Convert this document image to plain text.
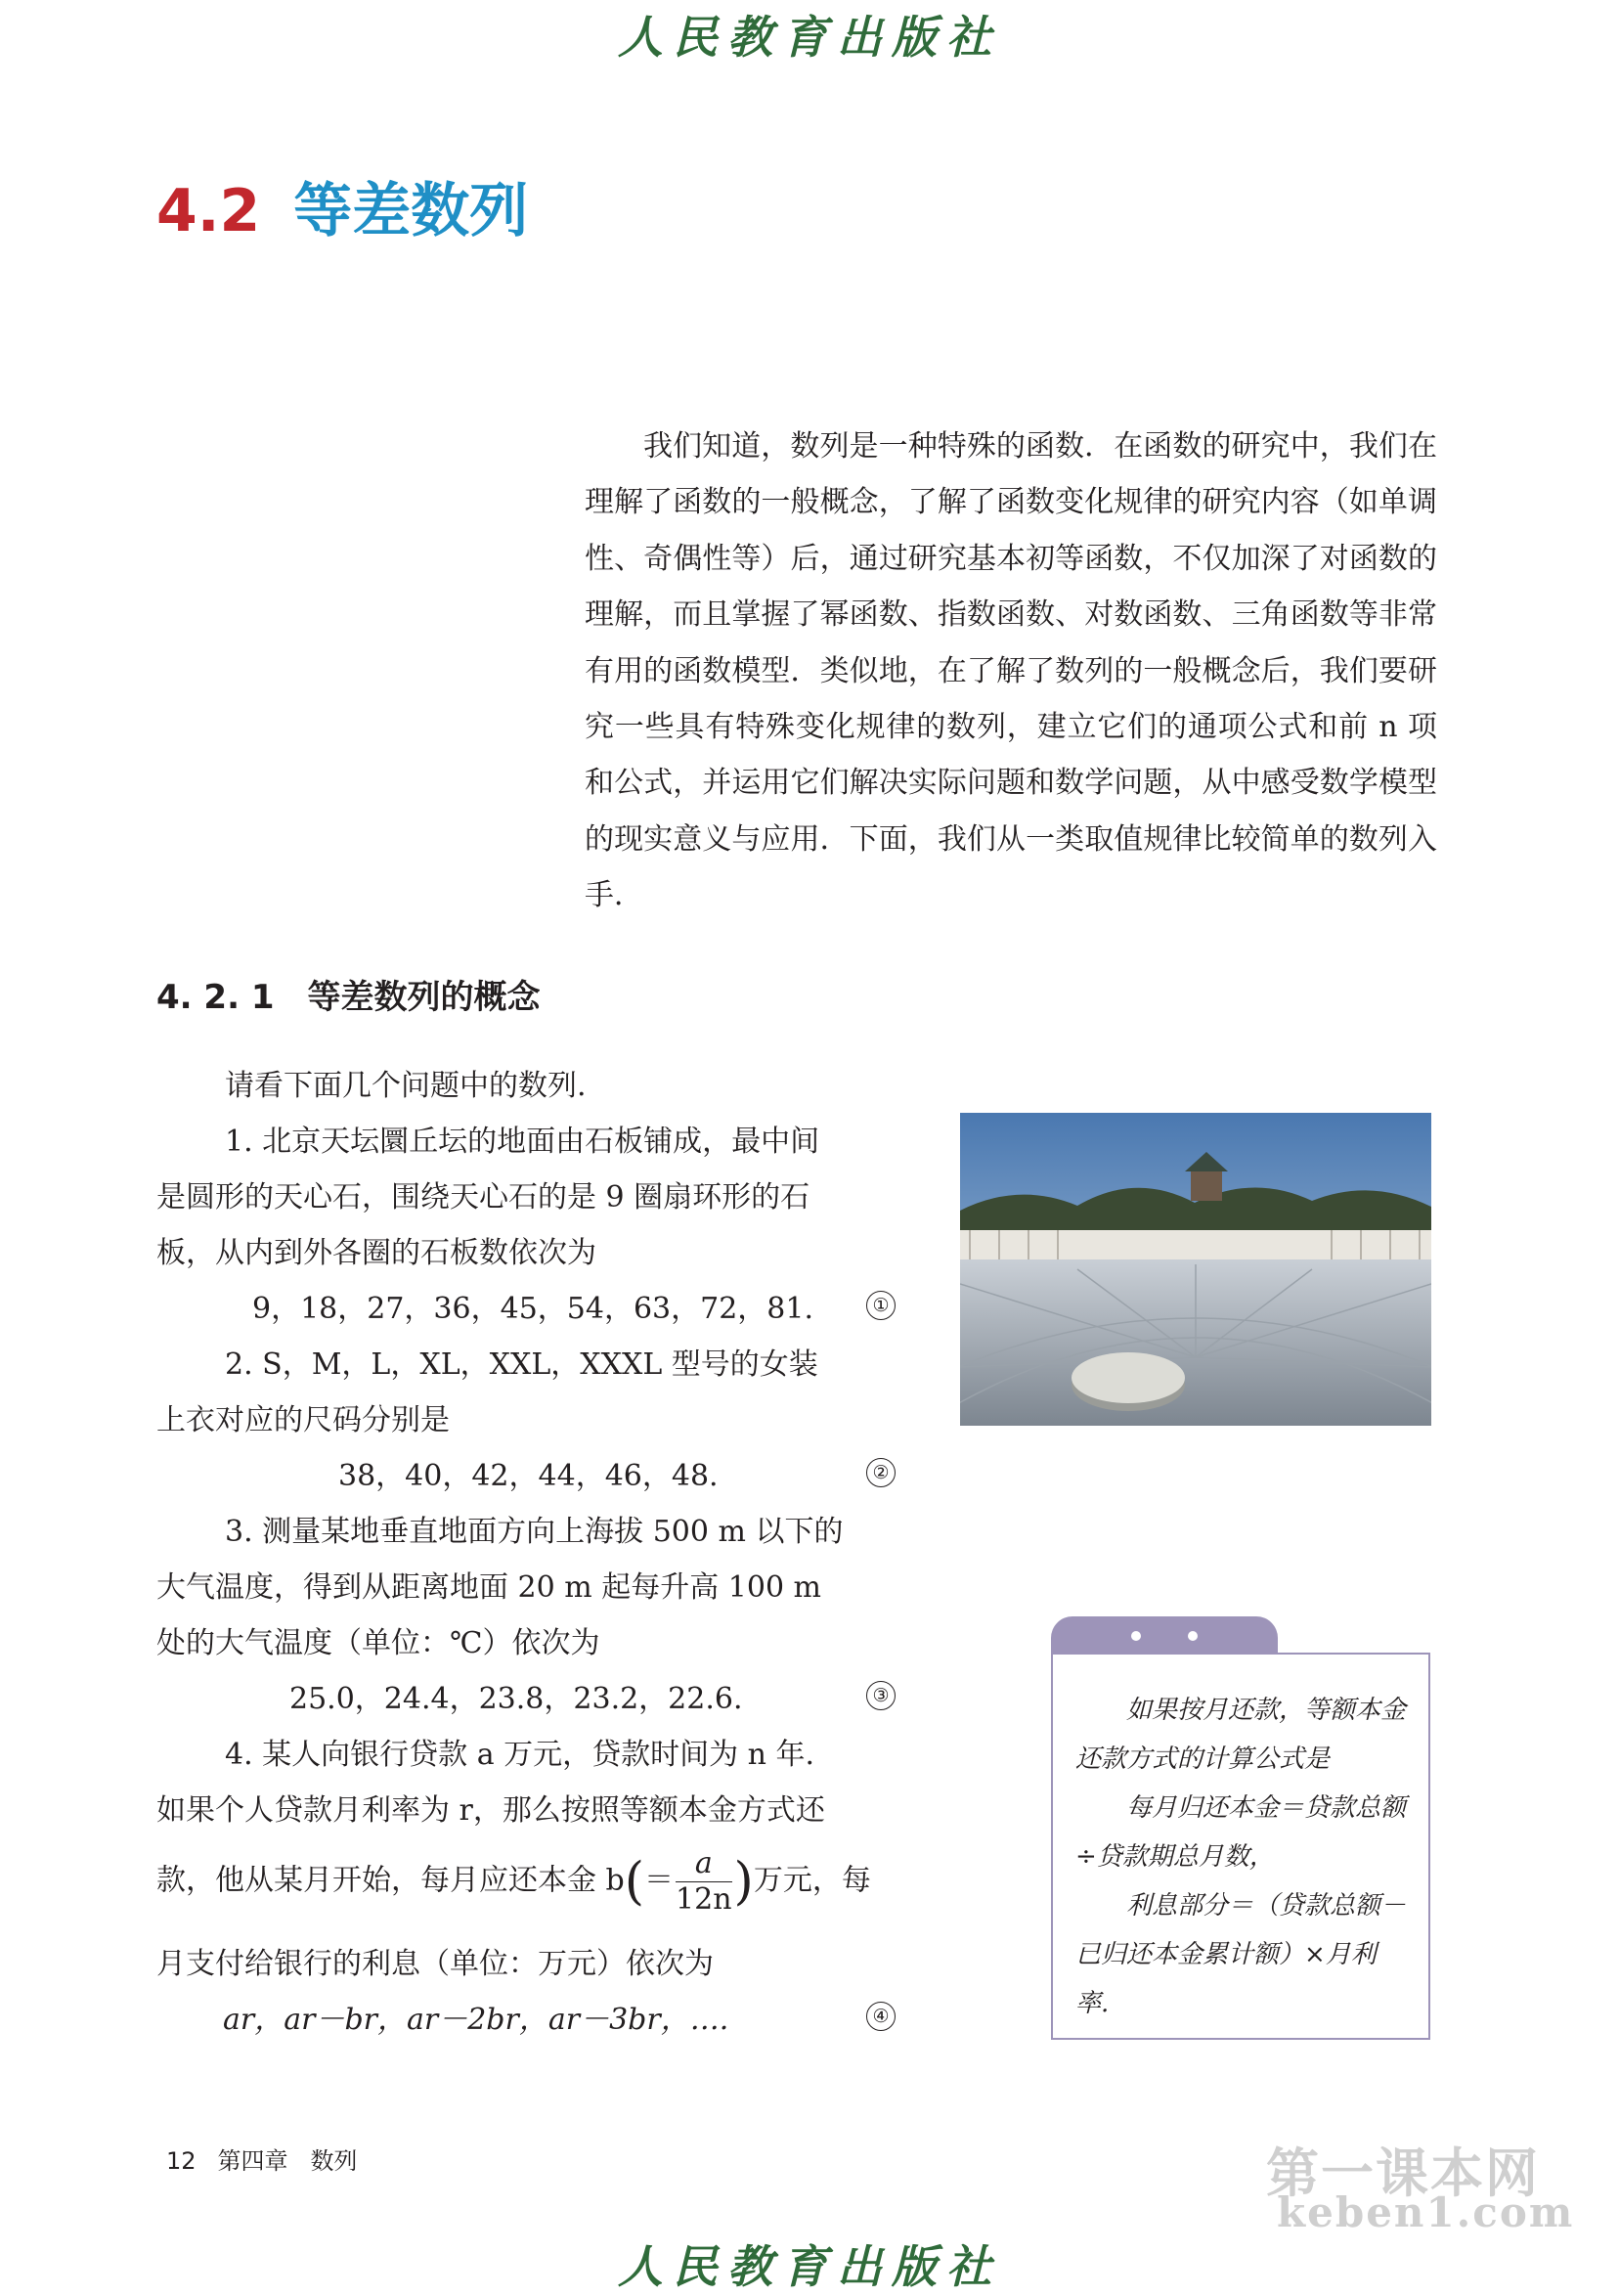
人民教育出版社
4.2 等差数列

我们知道，数列是一种特殊的函数．在函数的研究中，我们在理解了函数的一般概念，了解了函数变化规律的研究内容（如单调性、奇偶性等）后，通过研究基本初等函数，不仅加深了对函数的理解，而且掌握了幂函数、指数函数、对数函数、三角函数等非常有用的函数模型．类似地，在了解了数列的一般概念后，我们要研究一些具有特殊变化规律的数列，建立它们的通项公式和前 n 项和公式，并运用它们解决实际问题和数学问题，从中感受数学模型的现实意义与应用．下面，我们从一类取值规律比较简单的数列入手．

4. 2. 1 等差数列的概念
请看下面几个问题中的数列.
1. 北京天坛圜丘坛的地面由石板铺成，最中间
是圆形的天心石，围绕天心石的是 9 圈扇环形的石
板，从内到外各圈的石板数依次为
9，18，27，36，45，54，63，72，81.	①
2. S，M，L，XL，XXL，XXXL 型号的女装
上衣对应的尺码分别是
38，40，42，44，46，48.	②
3. 测量某地垂直地面方向上海拔 500 m 以下的
大气温度，得到从距离地面 20 m 起每升高 100 m
处的大气温度（单位：℃）依次为
25.0，24.4，23.8，23.2，22.6.	③
4. 某人向银行贷款 a 万元，贷款时间为 n 年.
如果个人贷款月利率为 r，那么按照等额本金方式还
款，他从某月开始，每月应还本金 $b(= \frac{a}{12n}$ )万元，每
月支付给银行的利息（单位：万元）依次为
ar，ar－br，ar－2br，ar－3br，….	④

如果按月还款，等额本金还款方式的计算公式是

每月归还本金＝贷款总额÷贷款期总月数，

利息部分＝（贷款总额－已归还本金累计额）×月利率.

12 第四章 数列	第一课本网
keben1.com
人民教育出版社
